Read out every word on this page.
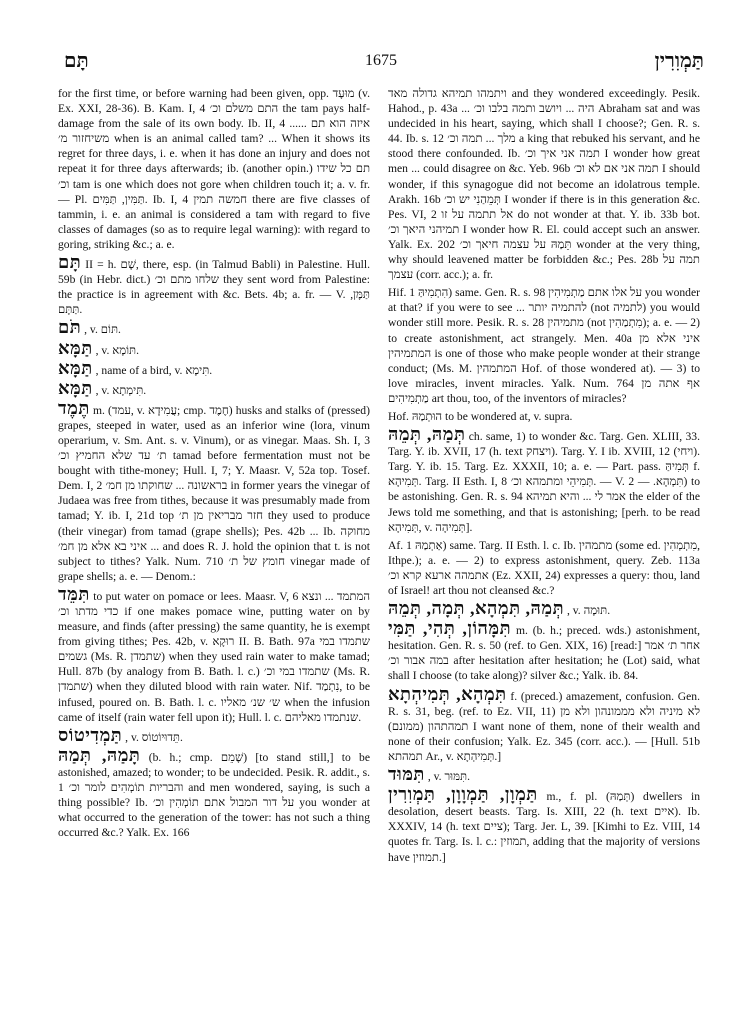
תָּם	1675	תַּמְוִרִין

for the first time, or before warning had been given, opp. מוּעָד (v. Ex. XXI, 28-36). B. Kam. I, 4 התם משלם וכ׳ the tam pays half-damage from the sale of its own body. Ib. II, 4 ...איזה הוא תם ... משיחזור מ׳ when is an animal called tam? ... When it shows its regret for three days, i. e. when it has done an injury and does not repeat it for three days afterwards; ib. (another opin.) תם כל שידו וכ׳ tam is one which does not gore when children touch it; a. v. fr. — Pl. תַּמִּין, תַּמִּים. Ib. I, 4 חמשה תמין there are five classes of tammin, i. e. an animal is considered a tam with regard to five classes of damages (so as to require legal warning): with regard to goring, striking &c.; a. e.

תָּם II = h. שָׁם, there, esp. (in Talmud Babli) in Palestine. Hull. 59b (in Hebr. dict.) שלחו מתם וכ׳ they sent word from Palestine: the practice is in agreement with &c. Bets. 4b; a. fr. — V. תַּמָּן, תַּתָּם.

תֹּם , v. תּוֹם.

תַּמָּא , v. תּוֹמָא.

תַּמָּא , name of a bird, v. תִּימָא.

תַּמָּא , v. תִּימְתָא.

תֶּמֶד m. (עמד, v. עֲמִידָא; cmp. חֶמֶד) husks and stalks of (pressed) grapes, steeped in water, used as an inferior wine (lora, vinum operarium, v. Sm. Ant. s. v. Vinum), or as vinegar. Maas. Sh. I, 3 ת׳ עד שלא החמיץ וכ׳ tamad before fermentation must not be bought with tithe-money; Hull. I, 7; Y. Maasr. V, 52a top. Tosef. Dem. I, 2 בראשונה ... שחוקתו מן חמ׳ in former years the vinegar of Judaea was free from tithes, because it was presumably made from tamad; Y. ib. I, 21d top חזר מבריאין מן ת׳ they used to produce (their vinegar) from tamad (grape shells); Pes. 42b ... Ib. מחוקה איני בא אלא מן חמ׳ ... and does R. J. hold the opinion that t. is not subject to tithes? Yalk. Num. 710 חומץ של ת׳ vinegar made of grape shells; a. e. — Denom.:

תִּמֵּד to put water on pomace or lees. Maasr. V, 6 המתמד ... ונצא כדי מדתו וכ׳ if one makes pomace wine, putting water on by measure, and finds (after pressing) the same quantity, he is exempt from giving tithes; Pes. 42b, v. רוּקָא II. B. Bath. 97a שתמדו במי גשמים (Ms. R. שתמדן) when they used rain water to make tamad; Hull. 87b (by analogy from B. Bath. l. c.) שתמדו במי וכ׳ (Ms. R. שתמדן) when they diluted blood with rain water. Nif. נִתְמַד, to be infused, poured on. B. Bath. l. c. ש׳ שנ׳ מאליו when the infusion came of itself (rain water fell upon it); Hull. l. c. שנתמדו מאליהם.

תַּמְדִיטוֹס , v. תֵּדוּיוֹטוֹס.

תָּמַהּ, תְּמַהּ (b. h.; cmp. שָׁמֵם) [to stand still,] to be astonished, amazed; to wonder; to be undecided. Pesik. R. addit., s. 1 והבריות תוֹמְהִים לומר וכ׳ and men wondered, saying, is such a thing possible? Ib. על דור המבול אתם תוֹמְהִין וכ׳ you wonder at what occurred to the generation of the tower: has not such a thing occurred &c.? Yalk. Ex. 166

ויתמהו תמיהא גדולה מאד and they wondered exceedingly. Pesik. Hahod., p. 43a ... היה ... ויושב ותמה בלבו וכ׳ Abraham sat and was undecided in his heart, saying, which shall I choose?; Gen. R. s. 44. Ib. s. 12 מלך ... תמה וכ׳ a king that rebuked his servant, and he stood there confounded. Ib. תמה אני איך וכ׳ I wonder how great men ... could disagree on &c. Yeb. 96b תמה אני אם לא וכ׳ I should wonder, if this synagogue did not become an idolatrous temple. Arakh. 16b תְּמֵהַנִי יש וכ׳ I wonder if there is in this generation &c. Pes. VI, 2 אל תתמה על זו do not wonder at that. Y. ib. 33b bot. תמיהני היאך וכ׳ I wonder how R. El. could accept such an answer. Yalk. Ex. 202 תֵּמַהּ על עצמה חיאך וכ׳ wonder at the very thing, why should leavened matter be forbidden &c.; Pes. 28b תמה על עצמך (corr. acc.); a. fr.

Hif. הִתְמִיהַּ 1) same. Gen. R. s. 98 על אלו אתם מַתְמִיהִין you wonder at that? if you were to see ... להתמיה יותר (not לתמיה) you would wonder still more. Pesik. R. s. 28 מתמיהין (not מִתְמַהִין); a. e. — 2) to create astonishment, act strangely. Men. 40a איני אלא מן המתמיהין is one of those who make people wonder at their strange conduct; (Ms. M. המתמהין Hof. of those wondered at). — 3) to love miracles, invent miracles. Yalk. Num. 764 אף אתה מן מַתְמִיהִים art thou, too, of the inventors of miracles?

Hof. הוּתְמַהּ to be wondered at, v. supra.

תְּמַהּ, תְּמֵהּ ch. same, 1) to wonder &c. Targ. Gen. XLIII, 33. Targ. Y. ib. XVII, 17 (h. text ויצחק). Targ. Y. I ib. XVIII, 12 (ויחי). Targ. Y. ib. 15. Targ. Ez. XXXII, 10; a. e. — Part. pass. תְּמִיהַּ f. תְּמִיהָא. Targ. II Esth. I, 8 תְּמִיהֵי ומתמהא וכ׳. — V. תִּמְהָא. — 2) to be astonishing. Gen. R. s. 94 אמר לי ... והיא תמיהא the elder of the Jews told me something, and that is astonishing; [perh. to be read תְּמִיהָא, v. תְּמִיהָה].

Af. אַתְמַהּ 1) same. Targ. II Esth. l. c. Ib. מתמהין (some ed. מִתְמְהִין, Ithpe.); a. e. — 2) to express astonishment, query. Zeb. 113a אתמהה ארעא קרא וכ׳ (Ez. XXII, 24) expresses a query: thou, land of Israel! art thou not cleansed &c.?

תְּמַהּ, תִּמְהָא, תְּמָה, תְּמֵהּ , v. תּוּמָה.

תִּמָּהוֹן, תְּהִי, תַּמִּי m. (b. h.; preced. wds.) astonishment, hesitation. Gen. R. s. 50 (ref. to Gen. XIX, 16) [read:] אחר ת׳ אמר במה אבור וכ׳ after hesitation after hesitation; he (Lot) said, what shall I choose (to take along)? silver &c.; Yalk. ib. 84.

תִּמְהָא, תְּמִיהְתָא f. (preced.) amazement, confusion. Gen. R. s. 31, beg. (ref. to Ez. VII, 11) לא מיניה ולא מממונהון ולא מן תמהתהון (ממונם) I want none of them, none of their wealth and none of their confusion; Yalk. Ez. 345 (corr. acc.). — [Hull. 51b תמהתא Ar., v. תְּמִיהְתָא.]

תִּמּוּד , v. תִּמּוּר.

תַּמְוָן, תַּמְוָוָן, תַּמְוִרִין m., f. pl. (תְּמַהּ) dwellers in desolation, desert beasts. Targ. Is. XIII, 22 (h. text איים). Ib. XXXIV, 14 (h. text ציים); Targ. Jer. L, 39. [Kimhi to Ez. VIII, 14 quotes fr. Targ. Is. l. c.: תמוזין, adding that the majority of versions have תמוזין.]
